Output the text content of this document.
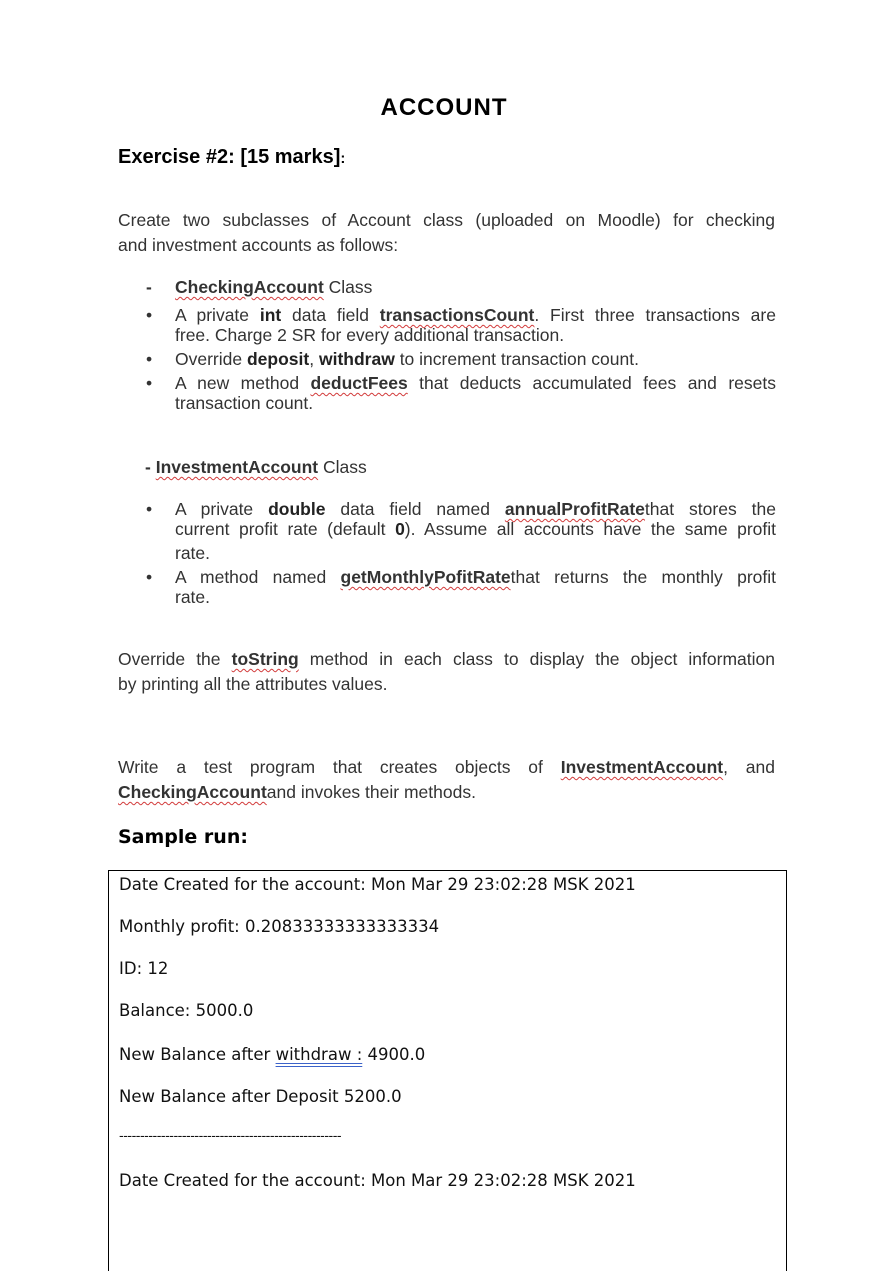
ACCOUNT
Exercise #2: [15 marks]:
Create two subclasses of Account class (uploaded on Moodle) for checking
and investment accounts as follows:
-	CheckingAccount Class
•	A private int data field transactionsCount. First three transactions are
free. Charge 2 SR for every additional transaction.
•	Override deposit, withdraw to increment transaction count.
•	A new method deductFees that deducts accumulated fees and resets
transaction count.
- InvestmentAccount Class
•	A private double data field named annualProfitRatethat stores the
current profit rate (default 0). Assume all accounts have the same profit
rate.
•	A method named getMonthlyPofitRatethat returns the monthly profit
rate.
Override the toString method in each class to display the object information
by printing all the attributes values.
Write a test program that creates objects of InvestmentAccount, and
CheckingAccountand invokes their methods.
Sample run:
Date Created for the account: Mon Mar 29 23:02:28 MSK 2021
Monthly profit: 0.20833333333333334
ID: 12
Balance: 5000.0
New Balance after withdraw : 4900.0
New Balance after Deposit 5200.0
-----------------------------------------------------
Date Created for the account: Mon Mar 29 23:02:28 MSK 2021
